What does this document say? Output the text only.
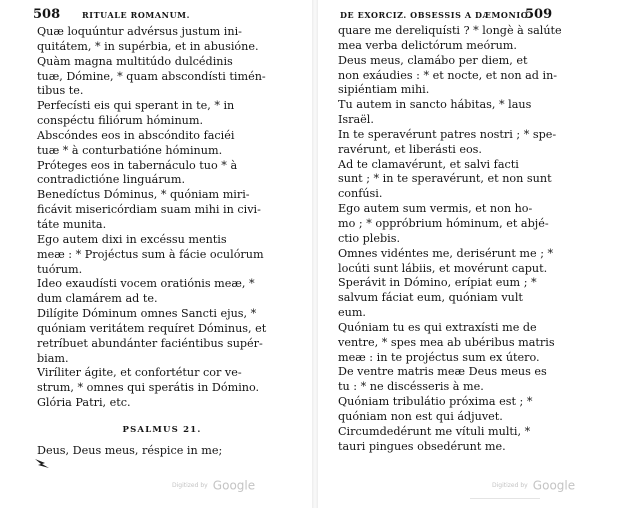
508	RITUALE ROMANUM.
Quæ loquúntur advérsus justum ini-
quitátem, * in supérbia, et in abusióne.
Quàm magna multitúdo dulcédinis
tuæ, Dómine, * quam abscondísti timén-
tibus te.
Perfecísti eis qui sperant in te, * in
conspéctu filiórum hóminum.
Abscóndes eos in abscóndito faciéi
tuæ * à conturbatióne hóminum.
Próteges eos in tabernáculo tuo * à
contradictióne linguárum.
Benedíctus Dóminus, * quóniam miri-
ficávit misericórdiam suam mihi in civi-
táte munita.
Ego autem dixi in excéssu mentis
meæ : * Projéctus sum à fácie oculórum
tuórum.
Ideo exaudísti vocem oratiónis meæ, *
dum clamárem ad te.
Dilígite Dóminum omnes Sancti ejus, *
quóniam veritátem requíret Dóminus, et
retríbuet abundánter faciéntibus supér-
biam.
Viríliter ágite, et confortétur cor ve-
strum, * omnes qui sperátis in Dómino.
Glória Patri, etc.
PSALMUS 21.
Deus, Deus meus, réspice in me;
Digitized by Google
DE EXORCIZ. OBSESSIS A DÆMONIO.
509
quare me dereliquísti ? * longè à salúte
mea verba delictórum meórum.
Deus meus, clamábo per diem, et
non exáudies : * et nocte, et non ad in-
sipiéntiam mihi.
Tu autem in sancto hábitas, * laus
Israël.
In te speravérunt patres nostri ; * spe-
ravérunt, et liberásti eos.
Ad te clamavérunt, et salvi facti
sunt ; * in te speravérunt, et non sunt
confúsi.
Ego autem sum vermis, et non ho-
mo ; * oppróbrium hóminum, et abjé-
ctio plebis.
Omnes vidéntes me, derisérunt me ; *
locúti sunt lábiis, et movérunt caput.
Sperávit in Dómino, erípiat eum ; *
salvum fáciat eum, quóniam vult
eum.
Quóniam tu es qui extraxísti me de
ventre, * spes mea ab ubéribus matris
meæ : in te projéctus sum ex útero.
De ventre matris meæ Deus meus es
tu : * ne discésseris à me.
Quóniam tribulátio próxima est ; *
quóniam non est qui ádjuvet.
Circumdedérunt me vítuli multi, *
tauri pingues obsedérunt me.
Digitized by Google
